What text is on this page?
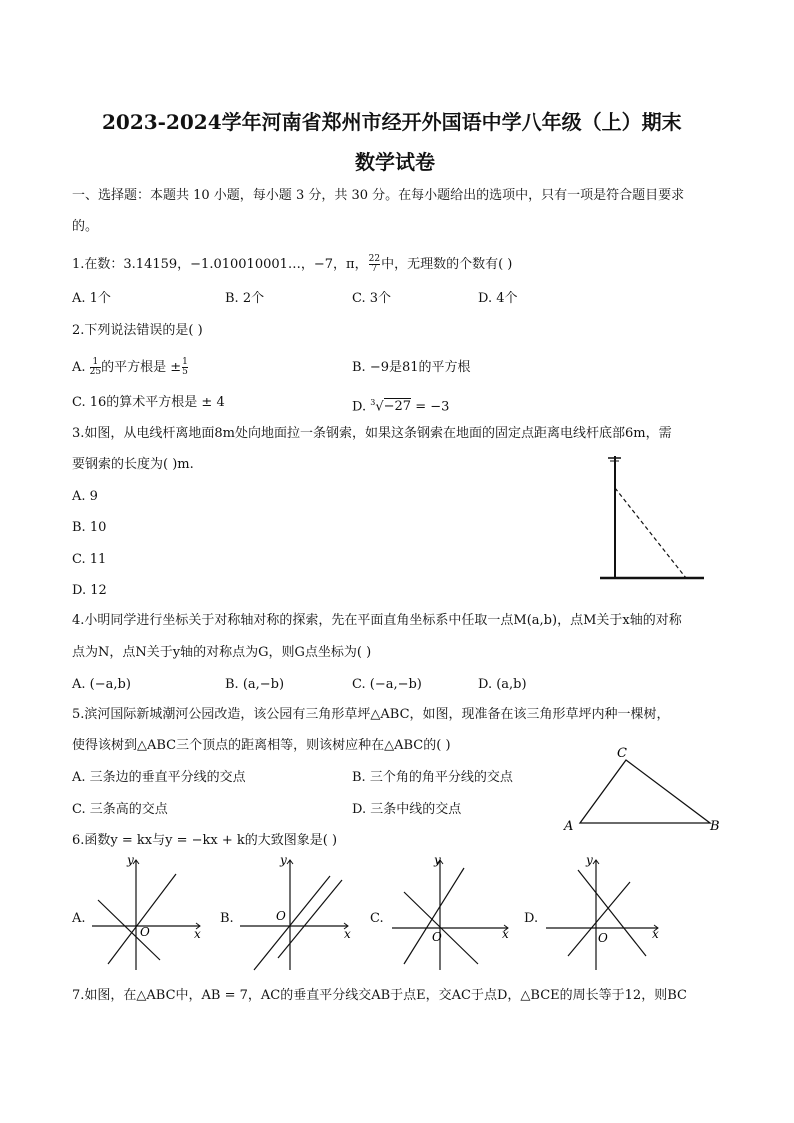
2023-2024学年河南省郑州市经开外国语中学八年级（上）期末
数学试卷
一、选择题：本题共 10 小题，每小题 3 分，共 30 分。在每小题给出的选项中，只有一项是符合题目要求
的。
1.在数：3.14159，−1.010010001…，−7，π， $\frac{22}{7}$ 中，无理数的个数有( )
A. 1个	B. 2个	C. 3个	D. 4个
2.下列说法错误的是( )
A. $\frac{1}{25}$ 的平方根是 ± $\frac{1}{5}$	B. −9是81的平方根
C. 16的算术平方根是 ± 4	D. $^3$√−27 = −3
3.如图，从电线杆离地面8m处向地面拉一条钢索，如果这条钢索在地面的固定点距离电线杆底部6m，需
要钢索的长度为( )m.
A. 9
B. 10
C. 11
D. 12
4.小明同学进行坐标关于对称轴对称的探索，先在平面直角坐标系中任取一点M(a,b)，点M关于x轴的对称
点为N，点N关于y轴的对称点为G，则G点坐标为( )
A. (−a,b)	B. (a,−b)	C. (−a,−b)	D. (a,b)
5.滨河国际新城潮河公园改造，该公园有三角形草坪△ABC，如图，现准备在该三角形草坪内种一棵树，
使得该树到△ABC三个顶点的距离相等，则该树应种在△ABC的( )
A. 三条边的垂直平分线的交点	B. 三个角的角平分线的交点
C. 三条高的交点	D. 三条中线的交点
A
C
B
6.函数y = kx与y = −kx + k的大致图象是( )
A.
O	x
y
B.	O
x
y
C.
O	x
y
D.
O	x
y
7.如图，在△ABC中，AB = 7，AC的垂直平分线交AB于点E，交AC于点D，△BCE的周长等于12，则BC
